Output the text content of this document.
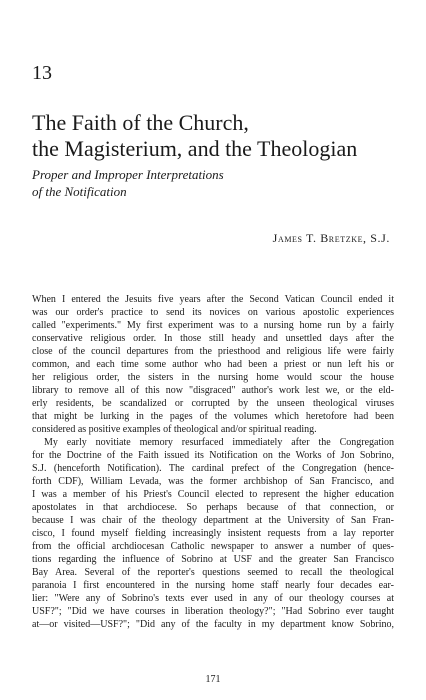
13
The Faith of the Church,
the Magisterium, and the Theologian
Proper and Improper Interpretations
of the Notification
James T. Bretzke, S.J.

When I entered the Jesuits five years after the Second Vatican Council ended it
was our order's practice to send its novices on various apostolic experiences
called "experiments." My first experiment was to a nursing home run by a fairly
conservative religious order. In those still heady and unsettled days after the
close of the council departures from the priesthood and religious life were fairly
common, and each time some author who had been a priest or nun left his or
her religious order, the sisters in the nursing home would scour the house
library to remove all of this now "disgraced" author's work lest we, or the eld-
erly residents, be scandalized or corrupted by the unseen theological viruses
that might be lurking in the pages of the volumes which heretofore had been
considered as positive examples of theological and/or spiritual reading.

My early novitiate memory resurfaced immediately after the Congregation
for the Doctrine of the Faith issued its Notification on the Works of Jon Sobrino,
S.J. (henceforth Notification). The cardinal prefect of the Congregation (hence-
forth CDF), William Levada, was the former archbishop of San Francisco, and
I was a member of his Priest's Council elected to represent the higher education
apostolates in that archdiocese. So perhaps because of that connection, or
because I was chair of the theology department at the University of San Fran-
cisco, I found myself fielding increasingly insistent requests from a lay reporter
from the official archdiocesan Catholic newspaper to answer a number of ques-
tions regarding the influence of Sobrino at USF and the greater San Francisco
Bay Area. Several of the reporter's questions seemed to recall the theological
paranoia I first encountered in the nursing home staff nearly four decades ear-
lier: "Were any of Sobrino's texts ever used in any of our theology courses at
USF?"; "Did we have courses in liberation theology?"; "Had Sobrino ever taught
at—or visited—USF?"; "Did any of the faculty in my department know Sobrino,

171
